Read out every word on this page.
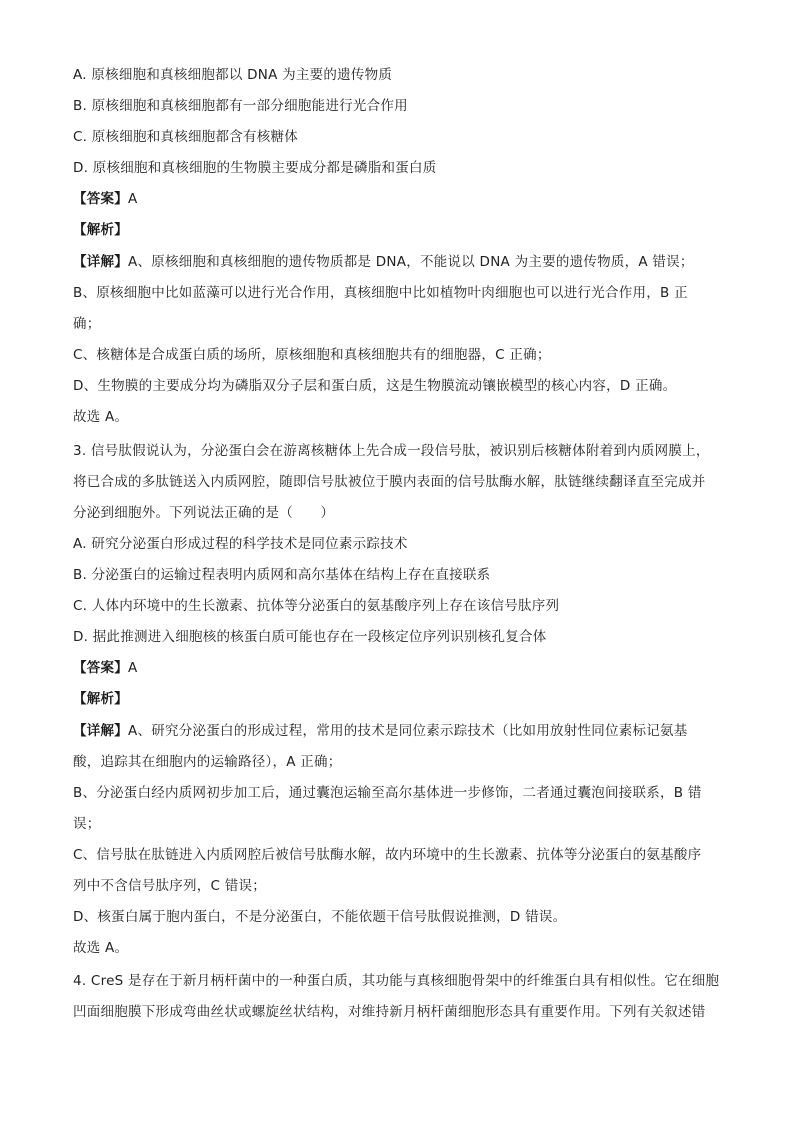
A. 原核细胞和真核细胞都以 DNA 为主要的遗传物质

B. 原核细胞和真核细胞都有一部分细胞能进行光合作用

C. 原核细胞和真核细胞都含有核糖体

D. 原核细胞和真核细胞的生物膜主要成分都是磷脂和蛋白质

【答案】A

【解析】

【详解】A、原核细胞和真核细胞的遗传物质都是 DNA，不能说以 DNA 为主要的遗传物质，A 错误；

B、原核细胞中比如蓝藻可以进行光合作用，真核细胞中比如植物叶肉细胞也可以进行光合作用，B 正

确；

C、核糖体是合成蛋白质的场所，原核细胞和真核细胞共有的细胞器，C 正确；

D、生物膜的主要成分均为磷脂双分子层和蛋白质，这是生物膜流动镶嵌模型的核心内容，D 正确。

故选 A。

3. 信号肽假说认为，分泌蛋白会在游离核糖体上先合成一段信号肽，被识别后核糖体附着到内质网膜上，

将已合成的多肽链送入内质网腔，随即信号肽被位于膜内表面的信号肽酶水解，肽链继续翻译直至完成并

分泌到细胞外。下列说法正确的是（　　）

A. 研究分泌蛋白形成过程的科学技术是同位素示踪技术

B. 分泌蛋白的运输过程表明内质网和高尔基体在结构上存在直接联系

C. 人体内环境中的生长激素、抗体等分泌蛋白的氨基酸序列上存在该信号肽序列

D. 据此推测进入细胞核的核蛋白质可能也存在一段核定位序列识别核孔复合体

【答案】A

【解析】

【详解】A、研究分泌蛋白的形成过程，常用的技术是同位素示踪技术（比如用放射性同位素标记氨基

酸，追踪其在细胞内的运输路径），A 正确；

B、分泌蛋白经内质网初步加工后，通过囊泡运输至高尔基体进一步修饰，二者通过囊泡间接联系，B 错

误；

C、信号肽在肽链进入内质网腔后被信号肽酶水解，故内环境中的生长激素、抗体等分泌蛋白的氨基酸序

列中不含信号肽序列，C 错误；

D、核蛋白属于胞内蛋白，不是分泌蛋白，不能依题干信号肽假说推测，D 错误。

故选 A。

4. CreS 是存在于新月柄杆菌中的一种蛋白质，其功能与真核细胞骨架中的纤维蛋白具有相似性。它在细胞

凹面细胞膜下形成弯曲丝状或螺旋丝状结构，对维持新月柄杆菌细胞形态具有重要作用。下列有关叙述错
